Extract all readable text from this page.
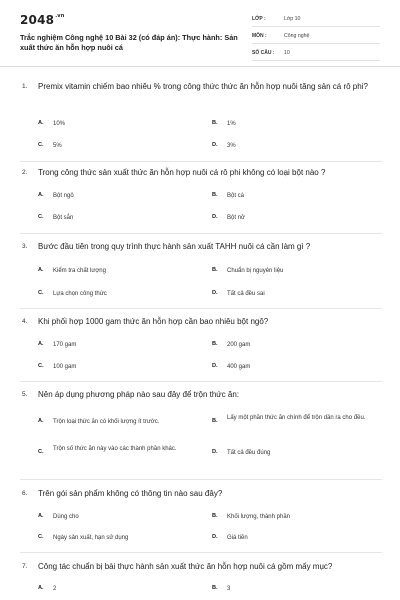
$2048^{.vn}$
Trắc nghiệm Công nghệ 10 Bài 32 (có đáp án): Thực hành: Sản xuất thức ăn hỗn hợp nuôi cá
LỚP :	Lớp 10
MÔN :	Công nghệ
SỐ CÂU : 10
1. Premix vitamin chiếm bao nhiêu % trong công thức thức ăn hỗn hợp nuôi tăng sản cá rô phi?
A. 10%	B. 1%
C. 5%	D. 3%
2. Trong công thức sản xuất thức ăn hỗn hợp nuôi cá rô phi không có loại bột nào ?
A. Bột ngô	B. Bột cá
C. Bột sắn	D. Bột nở
3. Bước đầu tiên trong quy trình thực hành sản xuất TAHH nuôi cá cần làm gì ?
A. Kiểm tra chất lượng	B. Chuẩn bị nguyên liệu
C. Lựa chọn công thức	D. Tất cả đều sai
4. Khi phối hợp 1000 gam thức ăn hỗn hợp cần bao nhiêu bột ngô?
A. 170 gam	B. 200 gam
C. 100 gam	D. 400 gam
5. Nên áp dụng phương pháp nào sau đây để trộn thức ăn:
A. Trộn loại thức ăn có khối lượng ít trước.	B. Lấy một phần thức ăn chính để trộn dần ra cho đều.
C. Trộn số thức ăn này vào các thành phần khác.	D. Tất cả đều đúng
6. Trên gói sản phẩm không có thông tin nào sau đây?
A. Dùng cho	B. Khối lượng, thành phần
C. Ngày sản xuất, hạn sử dụng	D. Giá tiền
7. Công tác chuẩn bị bài thực hành sản xuất thức ăn hỗn hợp nuôi cá gồm mấy mục?
A. 2	B. 3
